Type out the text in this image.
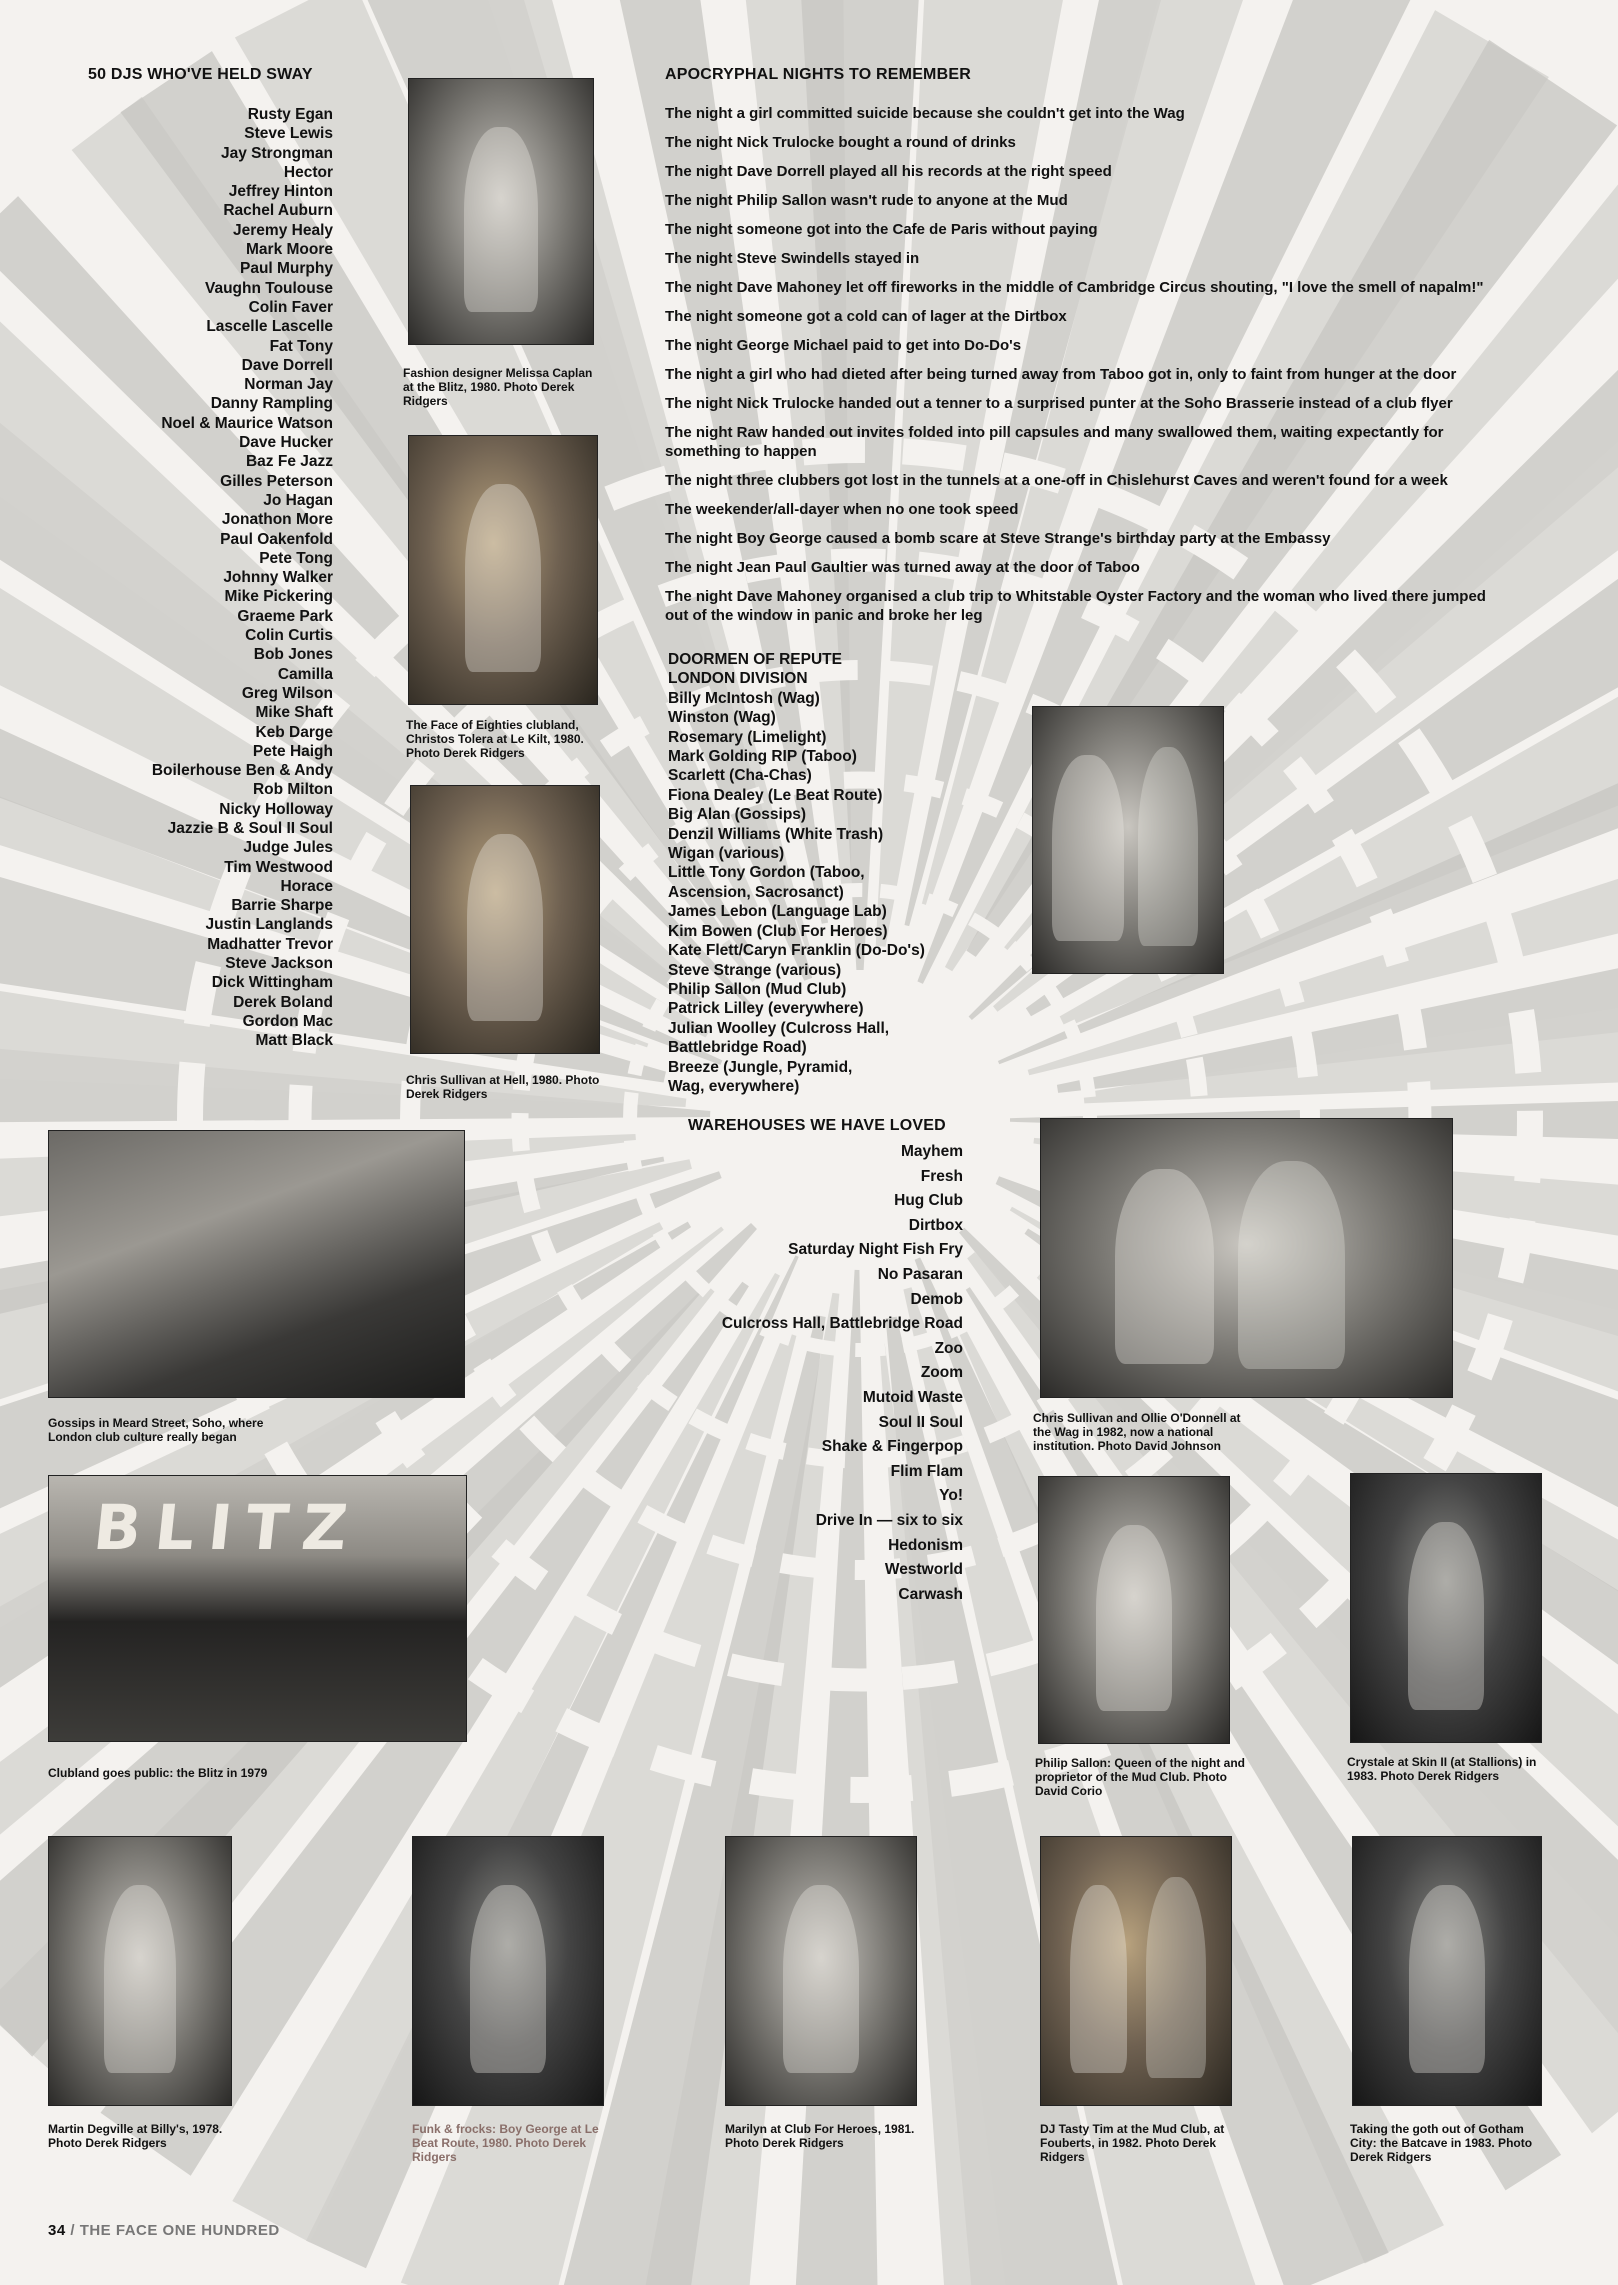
50 DJS WHO'VE HELD SWAY
Rusty Egan
Steve Lewis
Jay Strongman
Hector
Jeffrey Hinton
Rachel Auburn
Jeremy Healy
Mark Moore
Paul Murphy
Vaughn Toulouse
Colin Faver
Lascelle Lascelle
Fat Tony
Dave Dorrell
Norman Jay
Danny Rampling
Noel & Maurice Watson
Dave Hucker
Baz Fe Jazz
Gilles Peterson
Jo Hagan
Jonathon More
Paul Oakenfold
Pete Tong
Johnny Walker
Mike Pickering
Graeme Park
Colin Curtis
Bob Jones
Camilla
Greg Wilson
Mike Shaft
Keb Darge
Pete Haigh
Boilerhouse Ben & Andy
Rob Milton
Nicky Holloway
Jazzie B & Soul II Soul
Judge Jules
Tim Westwood
Horace
Barrie Sharpe
Justin Langlands
Madhatter Trevor
Steve Jackson
Dick Wittingham
Derek Boland
Gordon Mac
Matt Black
APOCRYPHAL NIGHTS TO REMEMBER
The night a girl committed suicide because she couldn't get into the Wag
The night Nick Trulocke bought a round of drinks
The night Dave Dorrell played all his records at the right speed
The night Philip Sallon wasn't rude to anyone at the Mud
The night someone got into the Cafe de Paris without paying
The night Steve Swindells stayed in
The night Dave Mahoney let off fireworks in the middle of Cambridge Circus shouting, "I love the smell of napalm!"
The night someone got a cold can of lager at the Dirtbox
The night George Michael paid to get into Do-Do's
The night a girl who had dieted after being turned away from Taboo got in, only to faint from hunger at the door
The night Nick Trulocke handed out a tenner to a surprised punter at the Soho Brasserie instead of a club flyer
The night Raw handed out invites folded into pill capsules and many swallowed them, waiting expectantly for something to happen
The night three clubbers got lost in the tunnels at a one-off in Chislehurst Caves and weren't found for a week
The weekender/all-dayer when no one took speed
The night Boy George caused a bomb scare at Steve Strange's birthday party at the Embassy
The night Jean Paul Gaultier was turned away at the door of Taboo
The night Dave Mahoney organised a club trip to Whitstable Oyster Factory and the woman who lived there jumped out of the window in panic and broke her leg
DOORMEN OF REPUTE
LONDON DIVISION
Billy McIntosh (Wag)
Winston (Wag)
Rosemary (Limelight)
Mark Golding RIP (Taboo)
Scarlett (Cha-Chas)
Fiona Dealey (Le Beat Route)
Big Alan (Gossips)
Denzil Williams (White Trash)
Wigan (various)
Little Tony Gordon (Taboo,
Ascension, Sacrosanct)
James Lebon (Language Lab)
Kim Bowen (Club For Heroes)
Kate Flett/Caryn Franklin (Do-Do's)
Steve Strange (various)
Philip Sallon (Mud Club)
Patrick Lilley (everywhere)
Julian Woolley (Culcross Hall,
Battlebridge Road)
Breeze (Jungle, Pyramid,
Wag, everywhere)
WAREHOUSES WE HAVE LOVED
Mayhem
Fresh
Hug Club
Dirtbox
Saturday Night Fish Fry
No Pasaran
Demob
Culcross Hall, Battlebridge Road
Zoo
Zoom
Mutoid Waste
Soul II Soul
Shake & Fingerpop
Flim Flam
Yo!
Drive In — six to six
Hedonism
Westworld
Carwash
Fashion designer Melissa Caplan at the Blitz, 1980. Photo Derek Ridgers
The Face of Eighties clubland, Christos Tolera at Le Kilt, 1980. Photo Derek Ridgers
Chris Sullivan at Hell, 1980. Photo Derek Ridgers
Gossips in Meard Street, Soho, where London club culture really began
Chris Sullivan and Ollie O'Donnell at the Wag in 1982, now a national institution. Photo David Johnson
BLITZ
Clubland goes public: the Blitz in 1979
Philip Sallon: Queen of the night and proprietor of the Mud Club. Photo David Corio
Crystale at Skin II (at Stallions) in 1983. Photo Derek Ridgers
Martin Degville at Billy's, 1978. Photo Derek Ridgers
Funk & frocks: Boy George at Le Beat Route, 1980. Photo Derek Ridgers
Marilyn at Club For Heroes, 1981. Photo Derek Ridgers
DJ Tasty Tim at the Mud Club, at Fouberts, in 1982. Photo Derek Ridgers
Taking the goth out of Gotham City: the Batcave in 1983. Photo Derek Ridgers
34 / THE FACE ONE HUNDRED
